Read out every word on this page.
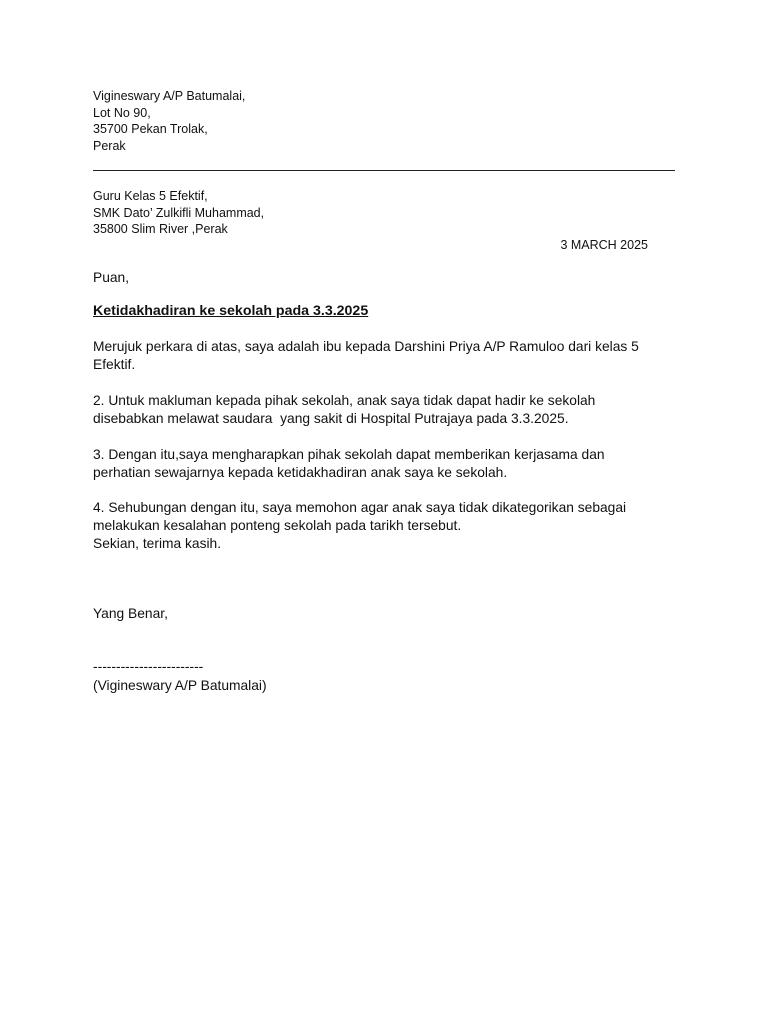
Vigineswary A/P Batumalai,
Lot No 90,
35700 Pekan Trolak,
Perak
Guru Kelas 5 Efektif,
SMK Dato’ Zulkifli Muhammad,
35800 Slim River ,Perak
3 MARCH 2025
Puan,
Ketidakhadiran ke sekolah pada 3.3.2025
Merujuk perkara di atas, saya adalah ibu kepada Darshini Priya A/P Ramuloo dari kelas 5
Efektif.
2. Untuk makluman kepada pihak sekolah, anak saya tidak dapat hadir ke sekolah
disebabkan melawat saudara  yang sakit di Hospital Putrajaya pada 3.3.2025.
3. Dengan itu,saya mengharapkan pihak sekolah dapat memberikan kerjasama dan
perhatian sewajarnya kepada ketidakhadiran anak saya ke sekolah.
4. Sehubungan dengan itu, saya memohon agar anak saya tidak dikategorikan sebagai
melakukan kesalahan ponteng sekolah pada tarikh tersebut.
Sekian, terima kasih.
Yang Benar,
------------------------
(Vigineswary A/P Batumalai)
